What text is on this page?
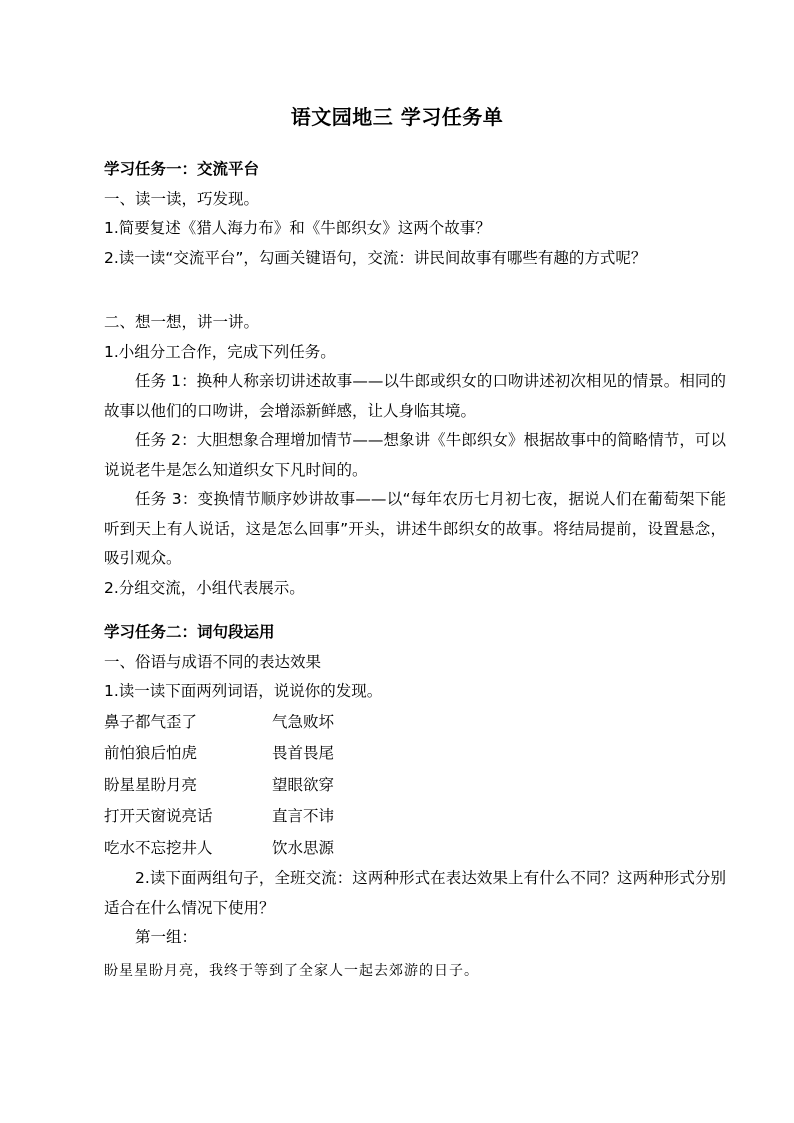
语文园地三 学习任务单

学习任务一：交流平台

一、读一读，巧发现。

1.简要复述《猎人海力布》和《牛郎织女》这两个故事？

2.读一读“交流平台”，勾画关键语句，交流：讲民间故事有哪些有趣的方式呢？

二、想一想，讲一讲。

1.小组分工合作，完成下列任务。

任务 1：换种人称亲切讲述故事——以牛郎或织女的口吻讲述初次相见的情景。相同的故事以他们的口吻讲，会增添新鲜感，让人身临其境。

任务 2：大胆想象合理增加情节——想象讲《牛郎织女》根据故事中的简略情节，可以说说老牛是怎么知道织女下凡时间的。

任务 3：变换情节顺序妙讲故事——以“每年农历七月初七夜，据说人们在葡萄架下能听到天上有人说话，这是怎么回事”开头，讲述牛郎织女的故事。将结局提前，设置悬念，吸引观众。

2.分组交流，小组代表展示。

学习任务二：词句段运用

一、俗语与成语不同的表达效果

1.读一读下面两列词语，说说你的发现。

鼻子都气歪了	气急败坏
前怕狼后怕虎	畏首畏尾
盼星星盼月亮	望眼欲穿
打开天窗说亮话	直言不讳
吃水不忘挖井人	饮水思源

2.读下面两组句子，全班交流：这两种形式在表达效果上有什么不同？这两种形式分别适合在什么情况下使用？

第一组：

盼星星盼月亮，我终于等到了全家人一起去郊游的日子。
